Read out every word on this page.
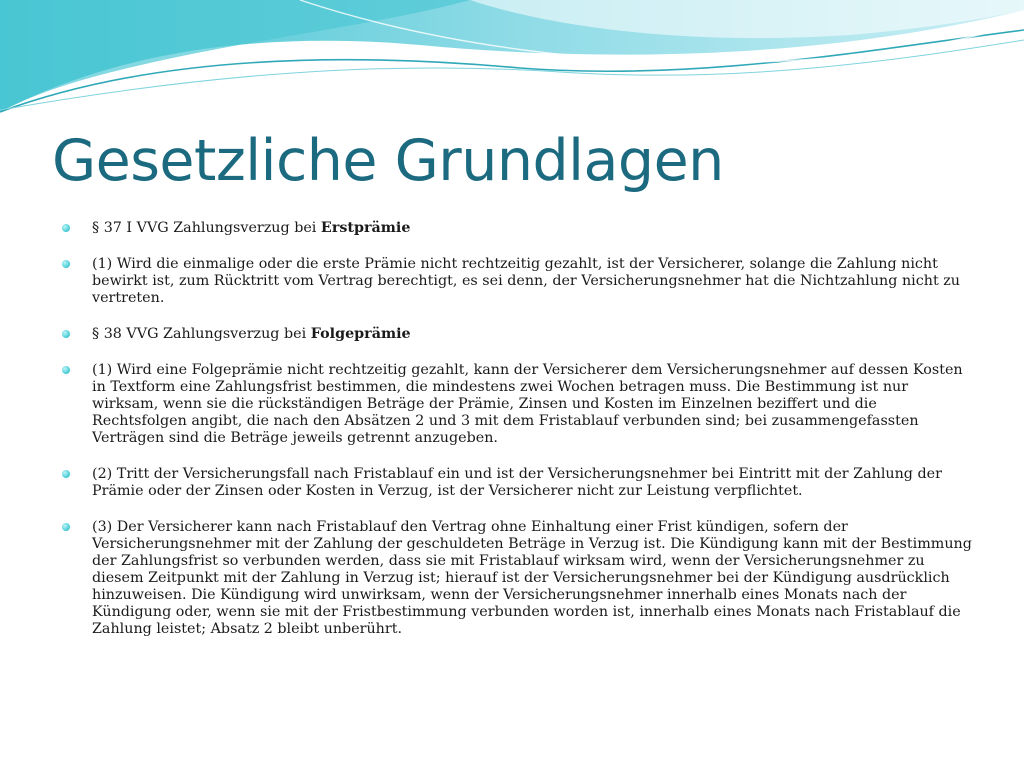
Gesetzliche Grundlagen
§ 37 I VVG Zahlungsverzug bei Erstprämie
(1) Wird die einmalige oder die erste Prämie nicht rechtzeitig gezahlt, ist der Versicherer, solange die Zahlung nicht bewirkt ist, zum Rücktritt vom Vertrag berechtigt, es sei denn, der Versicherungsnehmer hat die Nichtzahlung nicht zu vertreten.
§ 38 VVG Zahlungsverzug bei Folgeprämie
(1) Wird eine Folgeprämie nicht rechtzeitig gezahlt, kann der Versicherer dem Versicherungsnehmer auf dessen Kosten in Textform eine Zahlungsfrist bestimmen, die mindestens zwei Wochen betragen muss. Die Bestimmung ist nur wirksam, wenn sie die rückständigen Beträge der Prämie, Zinsen und Kosten im Einzelnen beziffert und die Rechtsfolgen angibt, die nach den Absätzen 2 und 3 mit dem Fristablauf verbunden sind; bei zusammengefassten Verträgen sind die Beträge jeweils getrennt anzugeben.
(2) Tritt der Versicherungsfall nach Fristablauf ein und ist der Versicherungsnehmer bei Eintritt mit der Zahlung der Prämie oder der Zinsen oder Kosten in Verzug, ist der Versicherer nicht zur Leistung verpflichtet.
(3) Der Versicherer kann nach Fristablauf den Vertrag ohne Einhaltung einer Frist kündigen, sofern der Versicherungsnehmer mit der Zahlung der geschuldeten Beträge in Verzug ist. Die Kündigung kann mit der Bestimmung der Zahlungsfrist so verbunden werden, dass sie mit Fristablauf wirksam wird, wenn der Versicherungsnehmer zu diesem Zeitpunkt mit der Zahlung in Verzug ist; hierauf ist der Versicherungsnehmer bei der Kündigung ausdrücklich hinzuweisen. Die Kündigung wird unwirksam, wenn der Versicherungsnehmer innerhalb eines Monats nach der Kündigung oder, wenn sie mit der Fristbestimmung verbunden worden ist, innerhalb eines Monats nach Fristablauf die Zahlung leistet; Absatz 2 bleibt unberührt.
